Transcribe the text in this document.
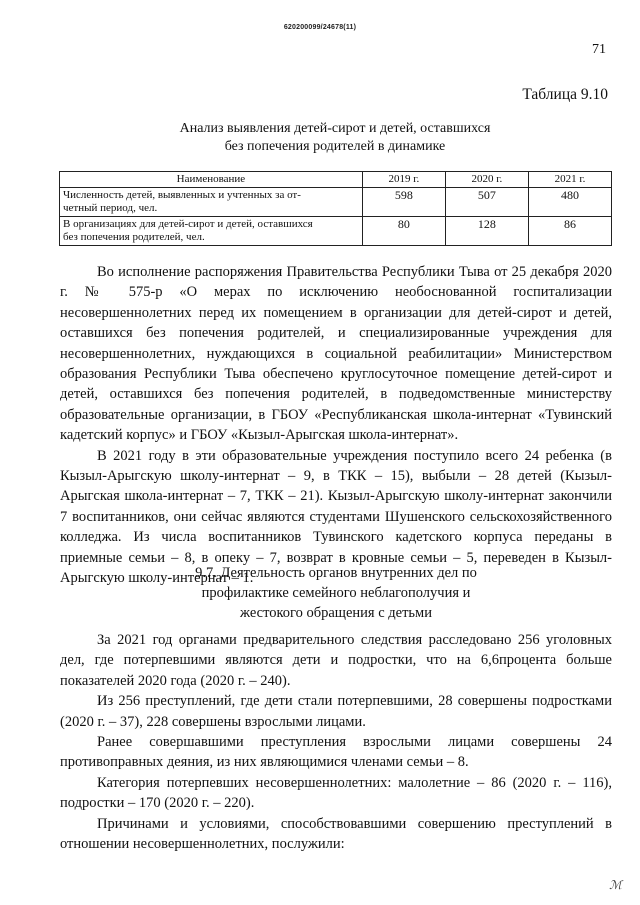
620200099/24678(11)
71
Таблица 9.10
Анализ выявления детей-сирот и детей, оставшихся
без попечения родителей в динамике
Наименование	2019 г.	2020 г.	2021 г.

Численность детей, выявленных и учтенных за от-
четный период, чел.	598	507	480

В организациях для детей-сирот и детей, оставшихся
без попечения родителей, чел.	80	128	86

Во исполнение распоряжения Правительства Республики Тыва от 25 декабря 2020 г. № 575-р «О мерах по исключению необоснованной госпитализации несовершеннолетних перед их помещением в организации для детей-сирот и детей, оставшихся без попечения родителей, и специализированные учреждения для несовершеннолетних, нуждающихся в социальной реабилитации» Министерством образования Республики Тыва обеспечено круглосуточное помещение детей-сирот и детей, оставшихся без попечения родителей, в подведомственные министерству образовательные организации, в ГБОУ «Республиканская школа-интернат «Тувинский кадетский корпус» и ГБОУ «Кызыл-Арыгская школа-интернат».

В 2021 году в эти образовательные учреждения поступило всего 24 ребенка (в Кызыл-Арыгскую школу-интернат – 9, в ТКК – 15), выбыли – 28 детей (Кызыл-Арыгская школа-интернат – 7, ТКК – 21). Кызыл-Арыгскую школу-интернат закончили 7 воспитанников, они сейчас являются студентами Шушенского сельскохозяйственного колледжа. Из числа воспитанников Тувинского кадетского корпуса переданы в приемные семьи – 8, в опеку – 7, возврат в кровные семьи – 5, переведен в Кызыл-Арыгскую школу-интернат – 1.

9.7. Деятельность органов внутренних дел по
профилактике семейного неблагополучия и
жестокого обращения с детьми

За 2021 год органами предварительного следствия расследовано 256 уголовных дел, где потерпевшими являются дети и подростки, что на 6,6процента больше показателей 2020 года (2020 г. – 240).

Из 256 преступлений, где дети стали потерпевшими, 28 совершены подростками (2020 г. – 37), 228 совершены взрослыми лицами.

Ранее совершавшими преступления взрослыми лицами совершены 24 противоправных деяния, из них являющимися членами семьи – 8.

Категория потерпевших несовершеннолетних: малолетние – 86 (2020 г. – 116), подростки – 170 (2020 г. – 220).

Причинами и условиями, способствовавшими совершению преступлений в отношении несовершеннолетних, послужили:

ℳ
